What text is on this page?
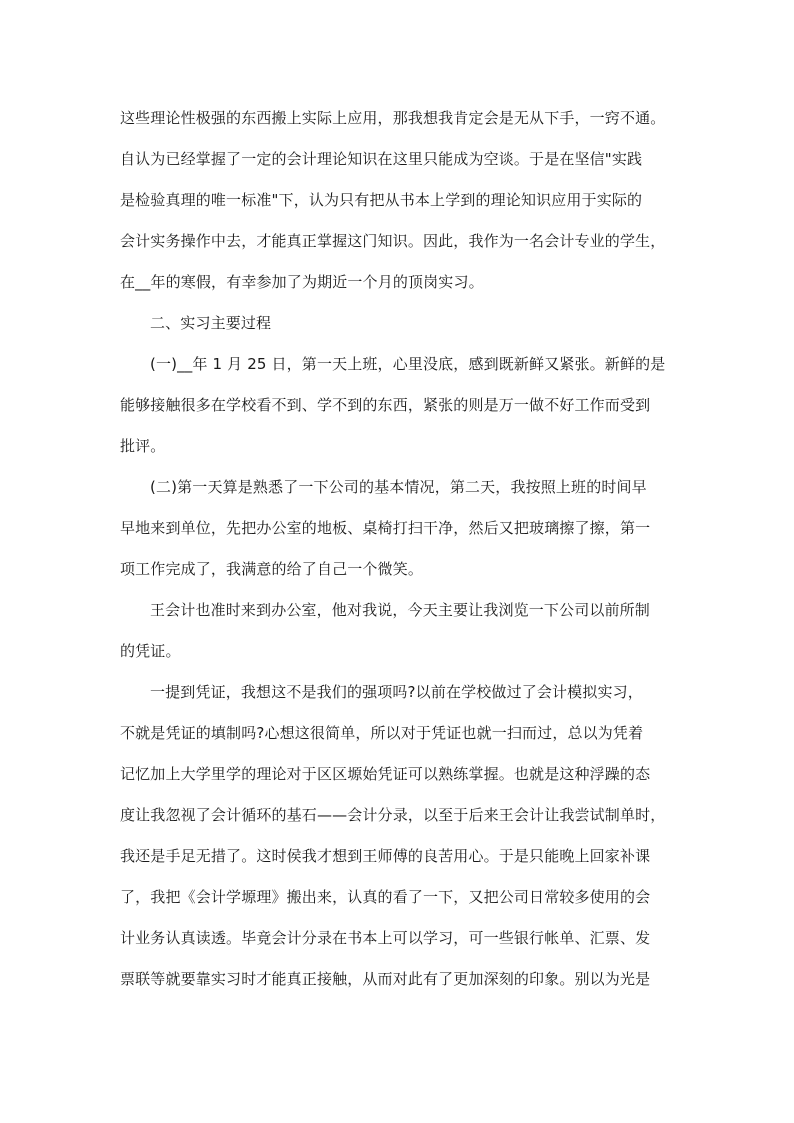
这些理论性极强的东西搬上实际上应用，那我想我肯定会是无从下手，一窍不通。
自认为已经掌握了一定的会计理论知识在这里只能成为空谈。于是在坚信"实践
是检验真理的唯一标准"下，认为只有把从书本上学到的理论知识应用于实际的
会计实务操作中去，才能真正掌握这门知识。因此，我作为一名会计专业的学生，
在__年的寒假，有幸参加了为期近一个月的顶岗实习。
二、实习主要过程
(一)__年 1 月 25 日，第一天上班，心里没底，感到既新鲜又紧张。新鲜的是
能够接触很多在学校看不到、学不到的东西，紧张的则是万一做不好工作而受到
批评。
(二)第一天算是熟悉了一下公司的基本情况，第二天，我按照上班的时间早
早地来到单位，先把办公室的地板、桌椅打扫干净，然后又把玻璃擦了擦，第一
项工作完成了，我满意的给了自己一个微笑。
王会计也准时来到办公室，他对我说，今天主要让我浏览一下公司以前所制
的凭证。
一提到凭证，我想这不是我们的强项吗?以前在学校做过了会计模拟实习，
不就是凭证的填制吗?心想这很简单，所以对于凭证也就一扫而过，总以为凭着
记忆加上大学里学的理论对于区区塬始凭证可以熟练掌握。也就是这种浮躁的态
度让我忽视了会计循环的基石——会计分录，以至于后来王会计让我尝试制单时，
我还是手足无措了。这时侯我才想到王师傅的良苦用心。于是只能晚上回家补课
了，我把《会计学塬理》搬出来，认真的看了一下，又把公司日常较多使用的会
计业务认真读透。毕竟会计分录在书本上可以学习，可一些银行帐单、汇票、发
票联等就要靠实习时才能真正接触，从而对此有了更加深刻的印象。别以为光是
